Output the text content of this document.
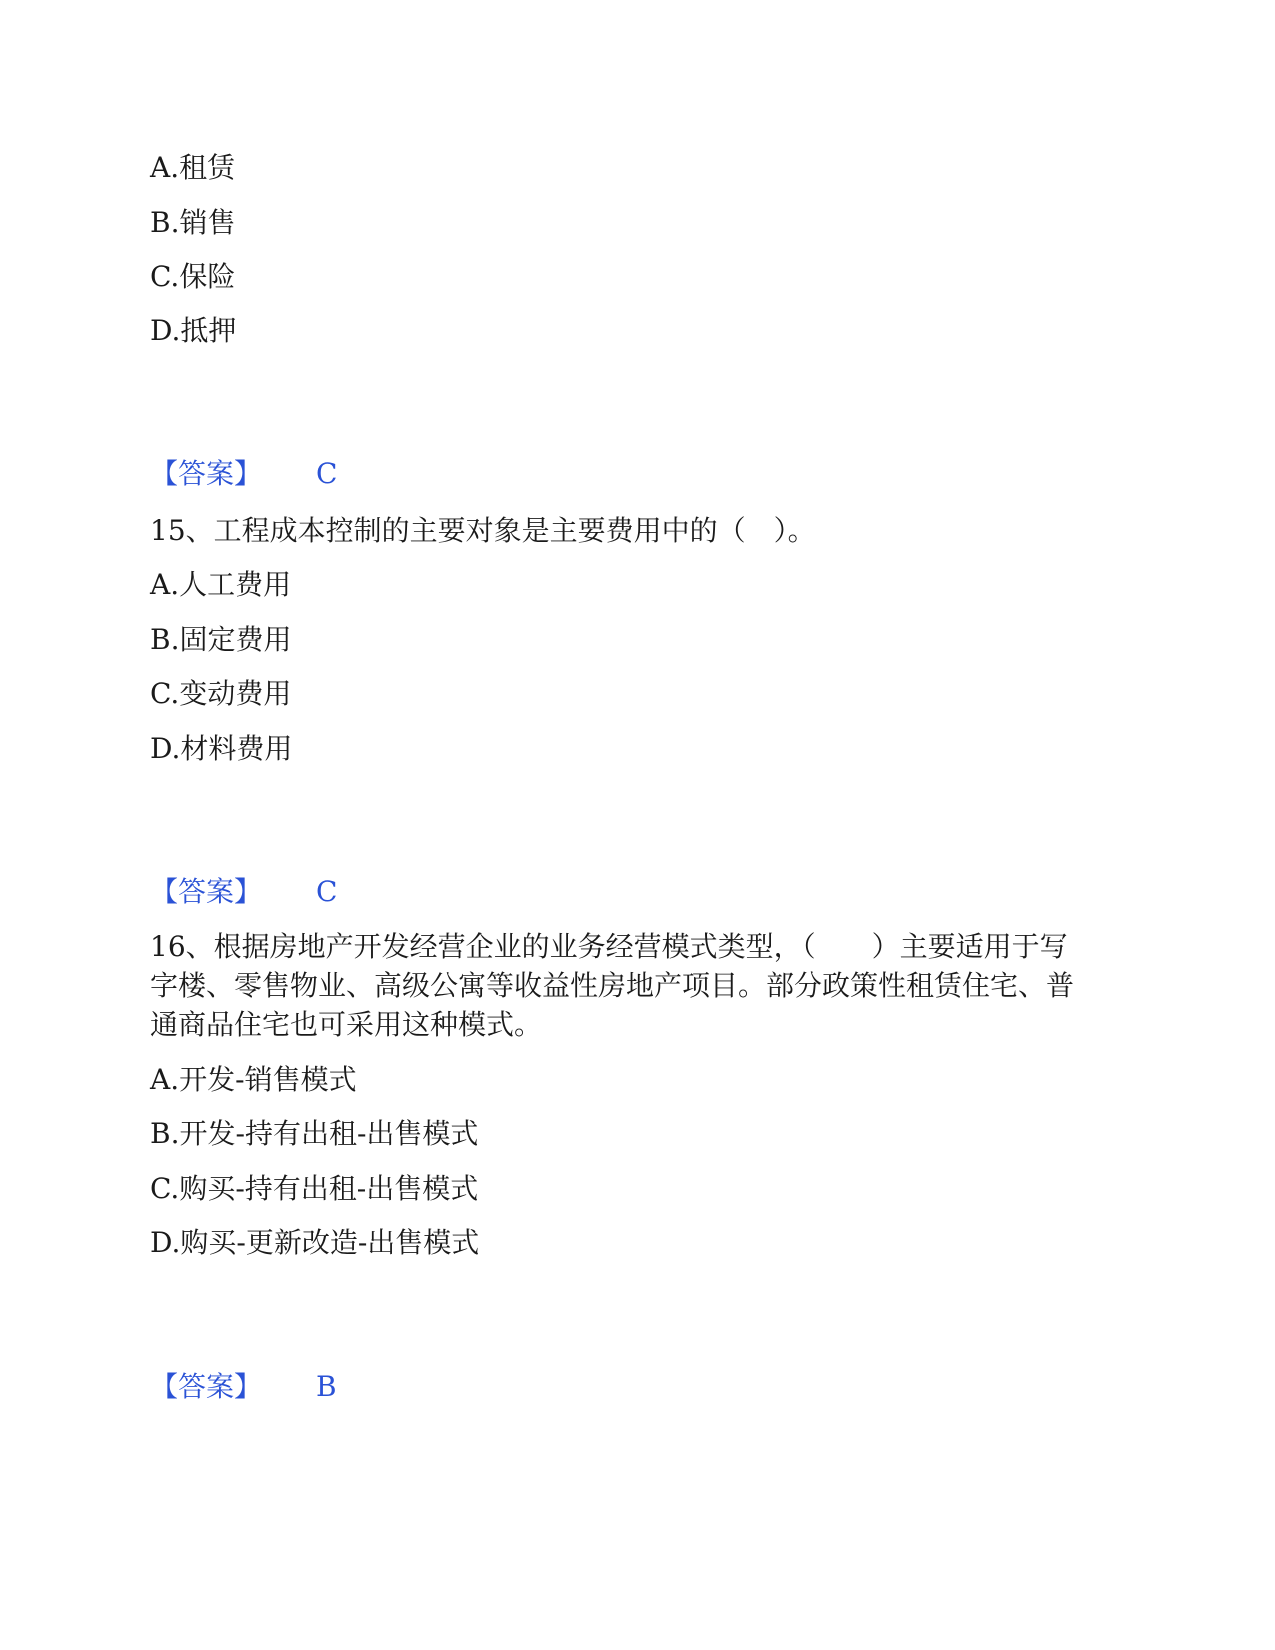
A.租赁
B.销售
C.保险
D.抵押
【答案】 C
15、工程成本控制的主要对象是主要费用中的（　）。
A.人工费用
B.固定费用
C.变动费用
D.材料费用
【答案】 C
16、根据房地产开发经营企业的业务经营模式类型，（　　）主要适用于写
字楼、零售物业、高级公寓等收益性房地产项目。部分政策性租赁住宅、普
通商品住宅也可采用这种模式。
A.开发-销售模式
B.开发-持有出租-出售模式
C.购买-持有出租-出售模式
D.购买-更新改造-出售模式
【答案】 B
